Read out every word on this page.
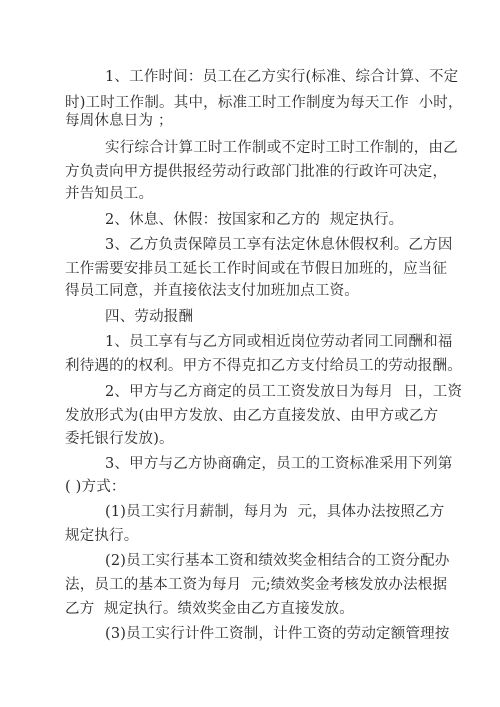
1、工作时间：员工在乙方实行(标准、综合计算、不定
时)工时工作制。其中，标准工时工作制度为每天工作  小时，
每周休息日为 ；
实行综合计算工时工作制或不定时工时工作制的，由乙
方负责向甲方提供报经劳动行政部门批准的行政许可决定，
并告知员工。
2、休息、休假：按国家和乙方的  规定执行。
3、乙方负责保障员工享有法定休息休假权利。乙方因
工作需要安排员工延长工作时间或在节假日加班的，应当征
得员工同意，并直接依法支付加班加点工资。
四、劳动报酬
1、员工享有与乙方同或相近岗位劳动者同工同酬和福
利待遇的的权利。甲方不得克扣乙方支付给员工的劳动报酬。
2、甲方与乙方商定的员工工资发放日为每月  日，工资
发放形式为(由甲方发放、由乙方直接发放、由甲方或乙方
委托银行发放)。
3、甲方与乙方协商确定，员工的工资标准采用下列第
( )方式：
(1)员工实行月薪制，每月为  元，具体办法按照乙方
规定执行。
(2)员工实行基本工资和绩效奖金相结合的工资分配办
法，员工的基本工资为每月  元;绩效奖金考核发放办法根据
乙方  规定执行。绩效奖金由乙方直接发放。
(3)员工实行计件工资制，计件工资的劳动定额管理按
